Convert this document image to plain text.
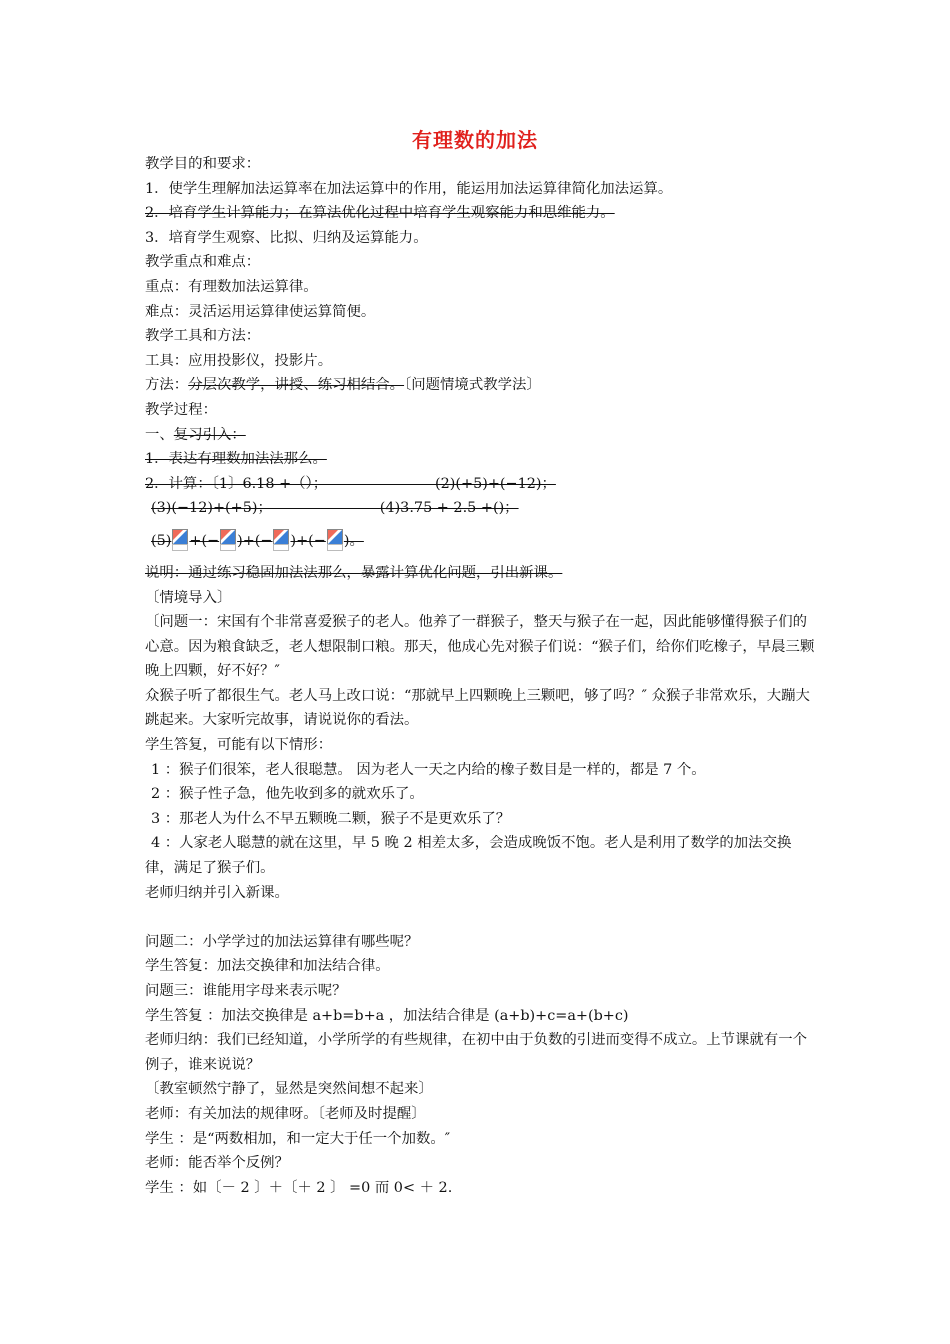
有理数的加法
教学目的和要求：
1．使学生理解加法运算率在加法运算中的作用，能运用加法运算律简化加法运算。
2．培育学生计算能力；在算法优化过程中培育学生观察能力和思维能力。
3．培育学生观察、比拟、归纳及运算能力。
教学重点和难点：
重点：有理数加法运算律。
难点：灵活运用运算律使运算简便。
教学工具和方法：
工具：应用投影仪，投影片。
方法：分层次教学，讲授、练习相结合。〔问题情境式教学法〕
教学过程：
一、复习引入：
1．表达有理数加法法那么。
2．计算：〔1〕6.18 +（）；　　　　　　　　(2)(+5)+(−12)；
(3)(−12)+(+5)；　　　　　　　　(4)3.75 + 2.5 +()；
(5) +(− )+(− )+(− )。
说明：通过练习稳固加法法那么，暴露计算优化问题，引出新课。
〔情境导入〕
〔问题一：宋国有个非常喜爱猴子的老人。他养了一群猴子，整天与猴子在一起，因此能够懂得猴子们的心意。因为粮食缺乏，老人想限制口粮。那天，他成心先对猴子们说：“猴子们，给你们吃橡子，早晨三颗晚上四颗，好不好？″
众猴子听了都很生气。老人马上改口说：“那就早上四颗晚上三颗吧，够了吗？″ 众猴子非常欢乐，大蹦大跳起来。大家听完故事，请说说你的看法。
学生答复，可能有以下情形：
1 ：猴子们很笨，老人很聪慧。 因为老人一天之内给的橡子数目是一样的，都是 7 个。
2 ：猴子性子急，他先收到多的就欢乐了。
3 ：那老人为什么不早五颗晚二颗，猴子不是更欢乐了？
4 ：人家老人聪慧的就在这里，早 5 晚 2 相差太多，会造成晚饭不饱。老人是利用了数学的加法交换律，满足了猴子们。
老师归纳并引入新课。
问题二：小学学过的加法运算律有哪些呢？
学生答复：加法交换律和加法结合律。
问题三：谁能用字母来表示呢？
学生答复 ：加法交换律是 a+b=b+a ，加法结合律是 (a+b)+c=a+(b+c)
老师归纳：我们已经知道，小学所学的有些规律，在初中由于负数的引进而变得不成立。上节课就有一个例子，谁来说说？
〔教室顿然宁静了，显然是突然间想不起来〕
老师：有关加法的规律呀。〔老师及时提醒〕
学生 ：是“两数相加，和一定大于任一个加数。″
老师：能否举个反例？
学生 ：如〔－ 2 〕＋〔＋ 2 〕 =0 而 0< ＋ 2.
